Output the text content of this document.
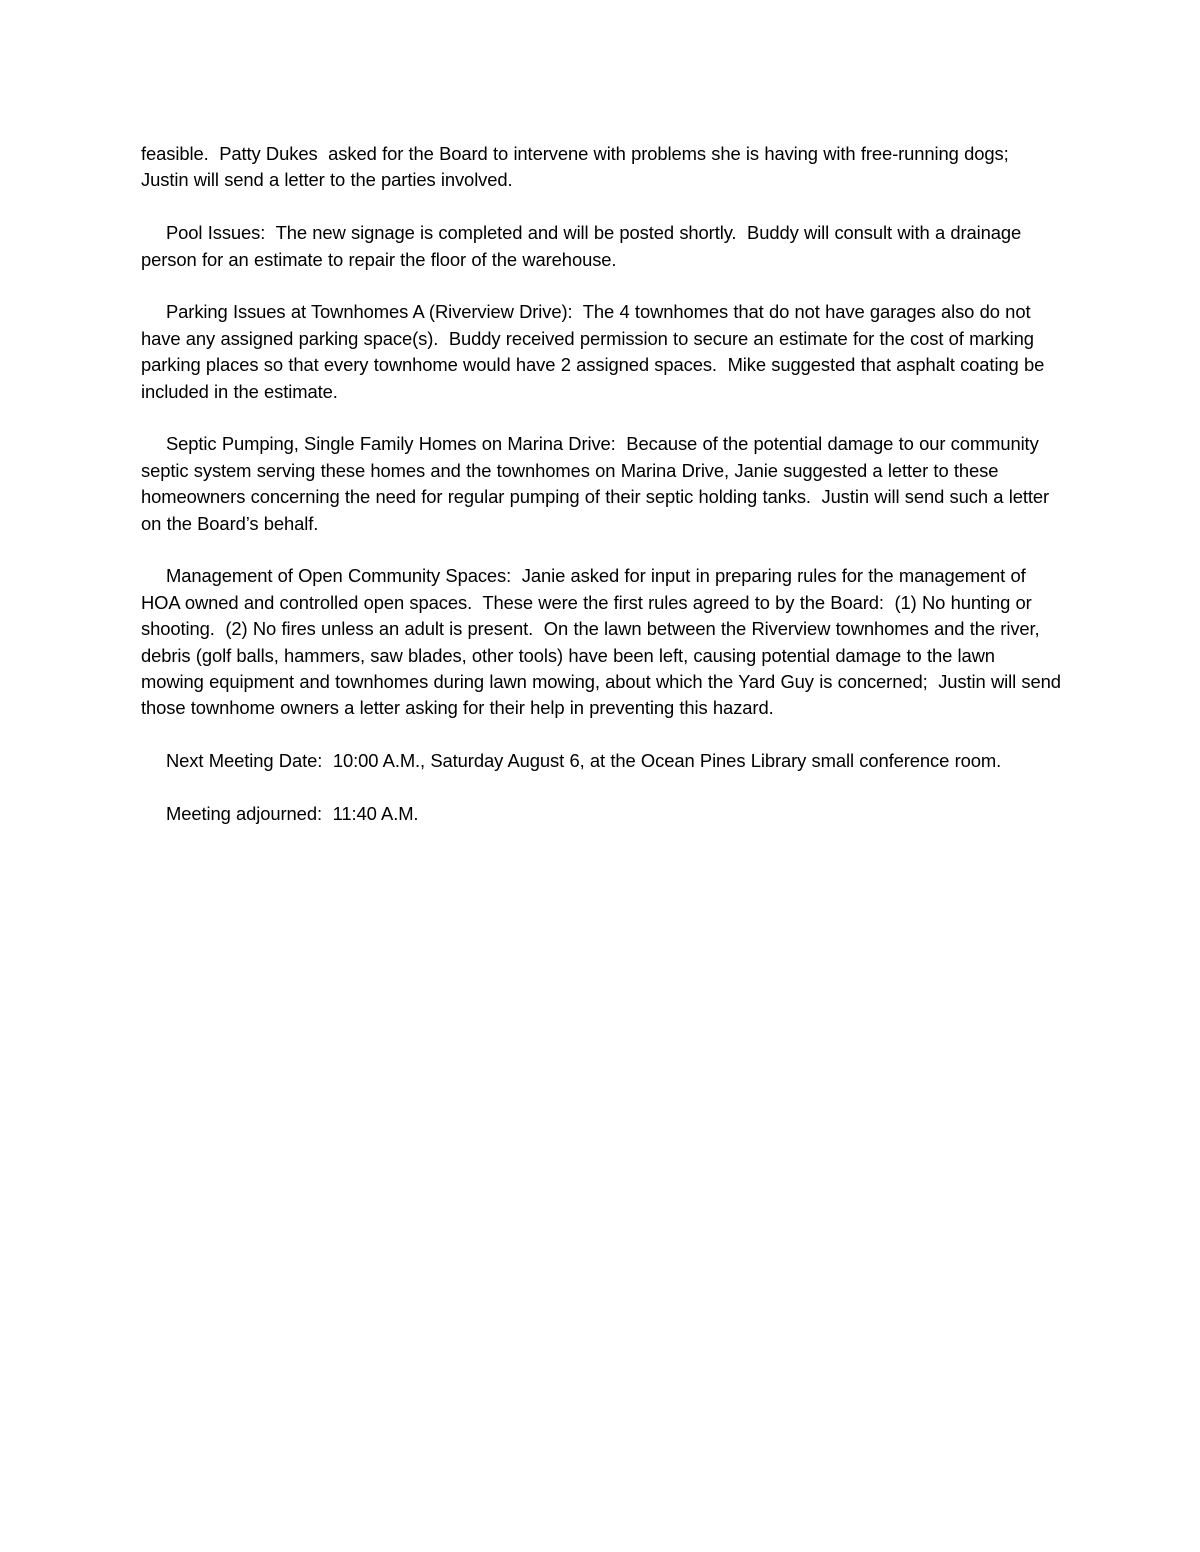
feasible.  Patty Dukes  asked for the Board to intervene with problems she is having with free-running dogs;  Justin will send a letter to the parties involved.

Pool Issues:  The new signage is completed and will be posted shortly.  Buddy will consult with a drainage person for an estimate to repair the floor of the warehouse.

Parking Issues at Townhomes A (Riverview Drive):  The 4 townhomes that do not have garages also do not have any assigned parking space(s).  Buddy received permission to secure an estimate for the cost of marking parking places so that every townhome would have 2 assigned spaces.  Mike suggested that asphalt coating be included in the estimate.

Septic Pumping, Single Family Homes on Marina Drive:  Because of the potential damage to our community septic system serving these homes and the townhomes on Marina Drive, Janie suggested a letter to these homeowners concerning the need for regular pumping of their septic holding tanks.  Justin will send such a letter on the Board’s behalf.

Management of Open Community Spaces:  Janie asked for input in preparing rules for the management of HOA owned and controlled open spaces.  These were the first rules agreed to by the Board:  (1) No hunting or shooting.  (2) No fires unless an adult is present.  On the lawn between the Riverview townhomes and the river, debris (golf balls, hammers, saw blades, other tools) have been left, causing potential damage to the lawn mowing equipment and townhomes during lawn mowing, about which the Yard Guy is concerned;  Justin will send those townhome owners a letter asking for their help in preventing this hazard.

Next Meeting Date:  10:00 A.M., Saturday August 6, at the Ocean Pines Library small conference room.

Meeting adjourned:  11:40 A.M.
